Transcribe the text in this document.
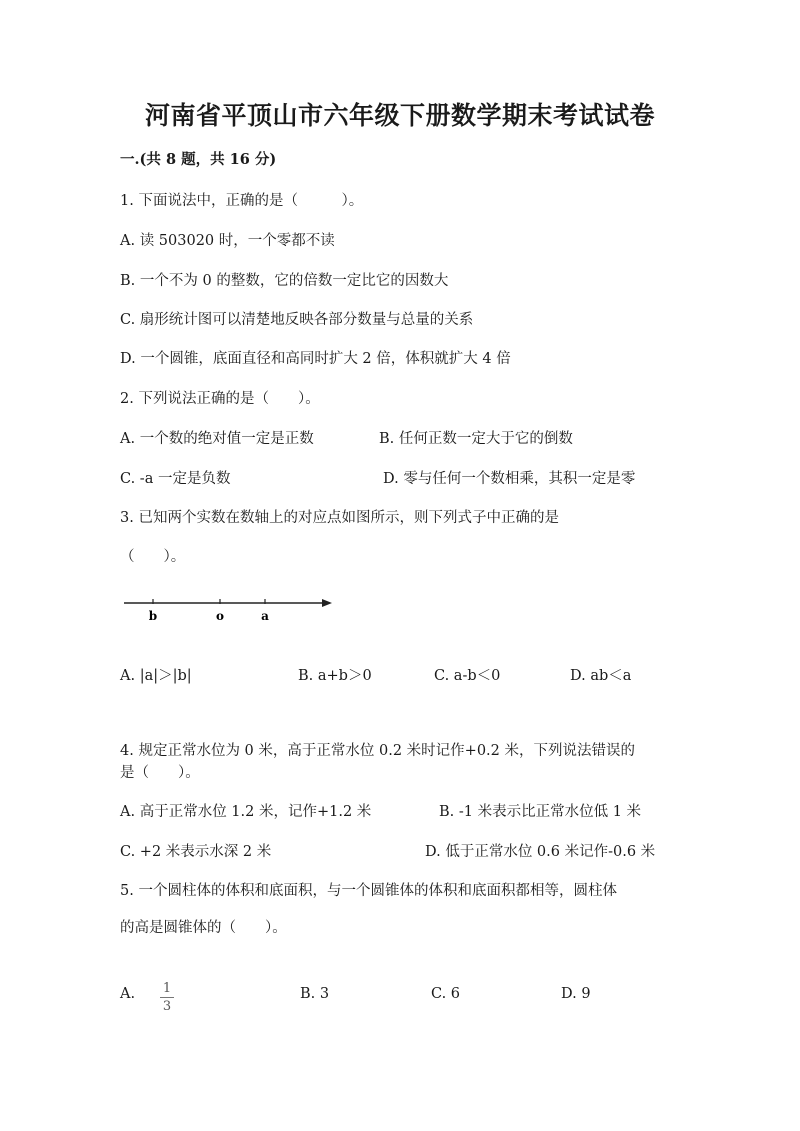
河南省平顶山市六年级下册数学期末考试试卷
一.(共 8 题，共 16 分)
1. 下面说法中，正确的是（　　　）。
A. 读 503020 时，一个零都不读
B. 一个不为 0 的整数，它的倍数一定比它的因数大
C. 扇形统计图可以清楚地反映各部分数量与总量的关系
D. 一个圆锥，底面直径和高同时扩大 2 倍，体积就扩大 4 倍
2. 下列说法正确的是（　　）。
A. 一个数的绝对值一定是正数	B. 任何正数一定大于它的倒数
C. -a 一定是负数	D. 零与任何一个数相乘，其积一定是零
3. 已知两个实数在数轴上的对应点如图所示，则下列式子中正确的是
（　　）。
b	o	a
A. |a|＞|b|	B. a+b＞0	C. a-b＜0	D. ab＜a
4. 规定正常水位为 0 米，高于正常水位 0.2 米时记作+0.2 米，下列说法错误的
是（　　）。
A. 高于正常水位 1.2 米，记作+1.2 米	B. -1 米表示比正常水位低 1 米
C. +2 米表示水深 2 米	D. 低于正常水位 0.6 米记作-0.6 米
5. 一个圆柱体的体积和底面积，与一个圆锥体的体积和底面积都相等，圆柱体
的高是圆锥体的（　　）。
A. 1
3
B. 3	C. 6	D. 9
